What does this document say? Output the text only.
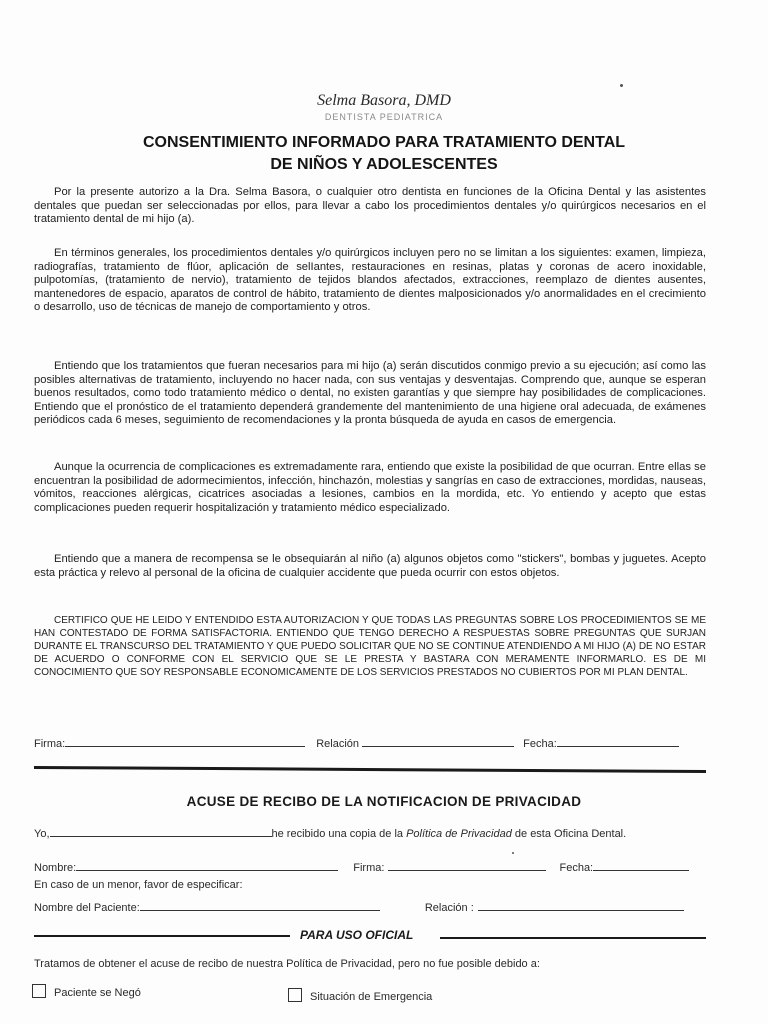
Selma Basora, DMD
DENTISTA PEDIATRICA
CONSENTIMIENTO INFORMADO PARA TRATAMIENTO DENTAL
DE NIÑOS Y ADOLESCENTES
Por la presente autorizo a la Dra. Selma Basora, o cualquier otro dentista en funciones de la Oficina Dental y las asistentes dentales que puedan ser seleccionadas por ellos, para llevar a cabo los procedimientos dentales y/o quirúrgicos necesarios en el tratamiento dental de mi hijo (a).
En términos generales, los procedimientos dentales y/o quirúrgicos incluyen pero no se limitan a los siguientes: examen, limpieza, radiografías, tratamiento de flúor, aplicación de selIantes, restauraciones en resinas, platas y coronas de acero inoxidable, pulpotomías, (tratamiento de nervio), tratamiento de tejidos blandos afectados, extracciones, reemplazo de dientes ausentes, mantenedores de espacio, aparatos de control de hábito, tratamiento de dientes malposicionados y/o anormalidades en el crecimiento o desarrollo, uso de técnicas de manejo de comportamiento y otros.
Entiendo que los tratamientos que fueran necesarios para mi hijo (a) serán discutidos conmigo previo a su ejecución; así como las posibles alternativas de tratamiento, incluyendo no hacer nada, con sus ventajas y desventajas. Comprendo que, aunque se esperan buenos resultados, como todo tratamiento médico o dental, no existen garantías y que siempre hay posibilidades de complicaciones. Entiendo que el pronóstico de el tratamiento dependerá grandemente del mantenimiento de una higiene oral adecuada, de exámenes periódicos cada 6 meses, seguimiento de recomendaciones y la pronta búsqueda de ayuda en casos de emergencia.
Aunque la ocurrencia de complicaciones es extremadamente rara, entiendo que existe la posibilidad de que ocurran. Entre ellas se encuentran la posibilidad de adormecimientos, infección, hinchazón, molestias y sangrías en caso de extracciones, mordidas, nauseas, vómitos, reacciones alérgicas, cicatrices asociadas a lesiones, cambios en la mordida, etc. Yo entiendo y acepto que estas complicaciones pueden requerir hospitalización y tratamiento médico especializado.
Entiendo que a manera de recompensa se le obsequiarán al niño (a) algunos objetos como "stickers", bombas y juguetes. Acepto esta práctica y relevo al personal de la oficina de cualquier accidente que pueda ocurrir con estos objetos.
CERTIFICO QUE HE LEIDO Y ENTENDIDO ESTA AUTORIZACION Y QUE TODAS LAS PREGUNTAS SOBRE LOS PROCEDIMIENTOS SE ME HAN CONTESTADO DE FORMA SATISFACTORIA. ENTIENDO QUE TENGO DERECHO A RESPUESTAS SOBRE PREGUNTAS QUE SURJAN DURANTE EL TRANSCURSO DEL TRATAMIENTO Y QUE PUEDO SOLICITAR QUE NO SE CONTINUE ATENDIENDO A MI HIJO (A) DE NO ESTAR DE ACUERDO O CONFORME CON EL SERVICIO QUE SE LE PRESTA Y BASTARA CON MERAMENTE INFORMARLO. ES DE MI CONOCIMIENTO QUE SOY RESPONSABLE ECONOMICAMENTE DE LOS SERVICIOS PRESTADOS NO CUBIERTOS POR MI PLAN DENTAL.
Firma:	Relación	Fecha:
ACUSE DE RECIBO DE LA NOTIFICACION DE PRIVACIDAD
Yo,	he recibido una copia de la Política de Privacidad de esta Oficina Dental.
Nombre:	Firma:	Fecha:
En caso de un menor, favor de especificar:
Nombre del Paciente:	Relación :
PARA USO OFICIAL
Tratamos de obtener el acuse de recibo de nuestra Política de Privacidad, pero no fue posible debido a:
Paciente se Negó	Situación de Emergencia
